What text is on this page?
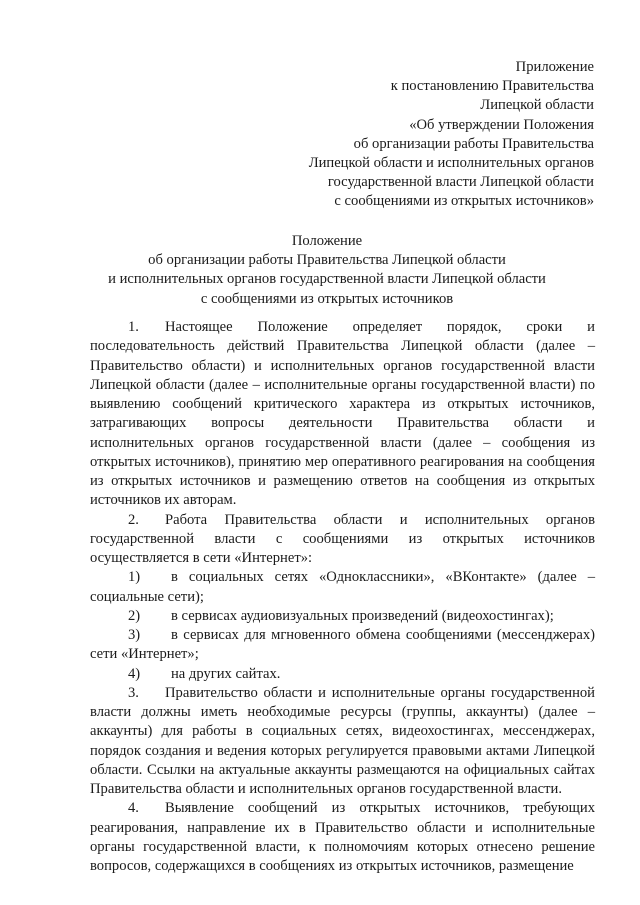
Приложение
к постановлению Правительства
Липецкой области
«Об утверждении Положения
об организации работы Правительства
Липецкой области и исполнительных органов
государственной власти Липецкой области
с сообщениями из открытых источников»
Положение
об организации работы Правительства Липецкой области
и исполнительных органов государственной власти Липецкой области
с сообщениями из открытых источников

1. Настоящее Положение определяет порядок, сроки и последовательность действий Правительства Липецкой области (далее – Правительство области) и исполнительных органов государственной власти Липецкой области (далее – исполнительные органы государственной власти) по выявлению сообщений критического характера из открытых источников, затрагивающих вопросы деятельности Правительства области и исполнительных органов государственной власти (далее – сообщения из открытых источников), принятию мер оперативного реагирования на сообщения из открытых источников и размещению ответов на сообщения из открытых источников их авторам.

2. Работа Правительства области и исполнительных органов государственной власти с сообщениями из открытых источников осуществляется в сети «Интернет»:

1) в социальных сетях «Одноклассники», «ВКонтакте» (далее – социальные сети);

2) в сервисах аудиовизуальных произведений (видеохостингах);

3) в сервисах для мгновенного обмена сообщениями (мессенджерах) сети «Интернет»;

4) на других сайтах.

3. Правительство области и исполнительные органы государственной власти должны иметь необходимые ресурсы (группы, аккаунты) (далее – аккаунты) для работы в социальных сетях, видеохостингах, мессенджерах, порядок создания и ведения которых регулируется правовыми актами Липецкой области. Ссылки на актуальные аккаунты размещаются на официальных сайтах Правительства области и исполнительных органов государственной власти.

4. Выявление сообщений из открытых источников, требующих реагирования, направление их в Правительство области и исполнительные органы государственной власти, к полномочиям которых отнесено решение вопросов, содержащихся в сообщениях из открытых источников, размещение
